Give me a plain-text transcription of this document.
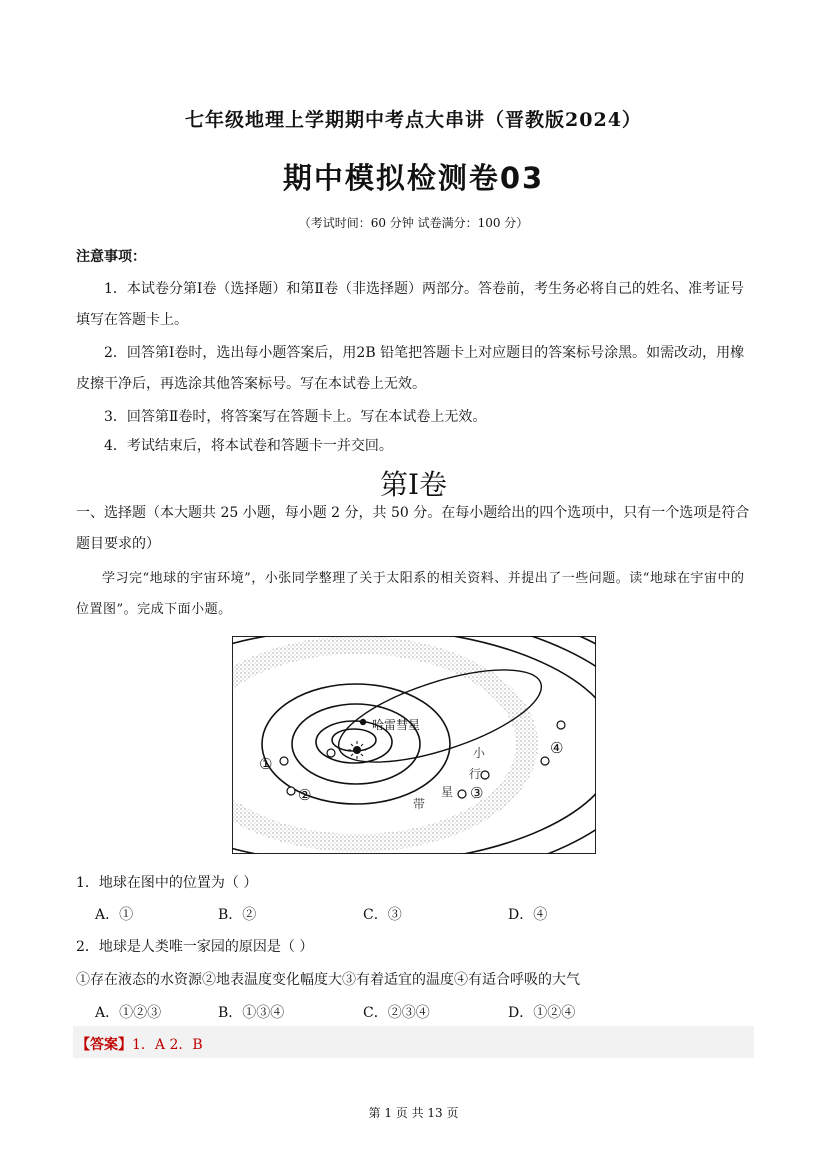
七年级地理上学期期中考点大串讲（晋教版2024）
期中模拟检测卷03
（考试时间：60 分钟 试卷满分：100 分）
注意事项：
1．本试卷分第Ⅰ卷（选择题）和第Ⅱ卷（非选择题）两部分。答卷前，考生务必将自己的姓名、准考证号填写在答题卡上。
2．回答第Ⅰ卷时，选出每小题答案后，用2B 铅笔把答题卡上对应题目的答案标号涂黑。如需改动，用橡皮擦干净后，再选涂其他答案标号。写在本试卷上无效。
3．回答第Ⅱ卷时，将答案写在答题卡上。写在本试卷上无效。
4．考试结束后，将本试卷和答题卡一并交回。
第Ⅰ卷
一、选择题（本大题共 25 小题，每小题 2 分，共 50 分。在每小题给出的四个选项中，只有一个选项是符合题目要求的）
学习完“地球的宇宙环境”，小张同学整理了关于太阳系的相关资料、并提出了一些问题。读“地球在宇宙中的位置图”。完成下面小题。
哈雷彗星
①
②	③
④
小
行
星
带
1．地球在图中的位置为（ ）
A．①	B．②	C．③	D．④
2．地球是人类唯一家园的原因是（ ）
①存在液态的水资源②地表温度变化幅度大③有着适宜的温度④有适合呼吸的大气
A．①②③	B．①③④	C．②③④	D．①②④
【答案】1．A 2．B
第 1 页 共 13 页
